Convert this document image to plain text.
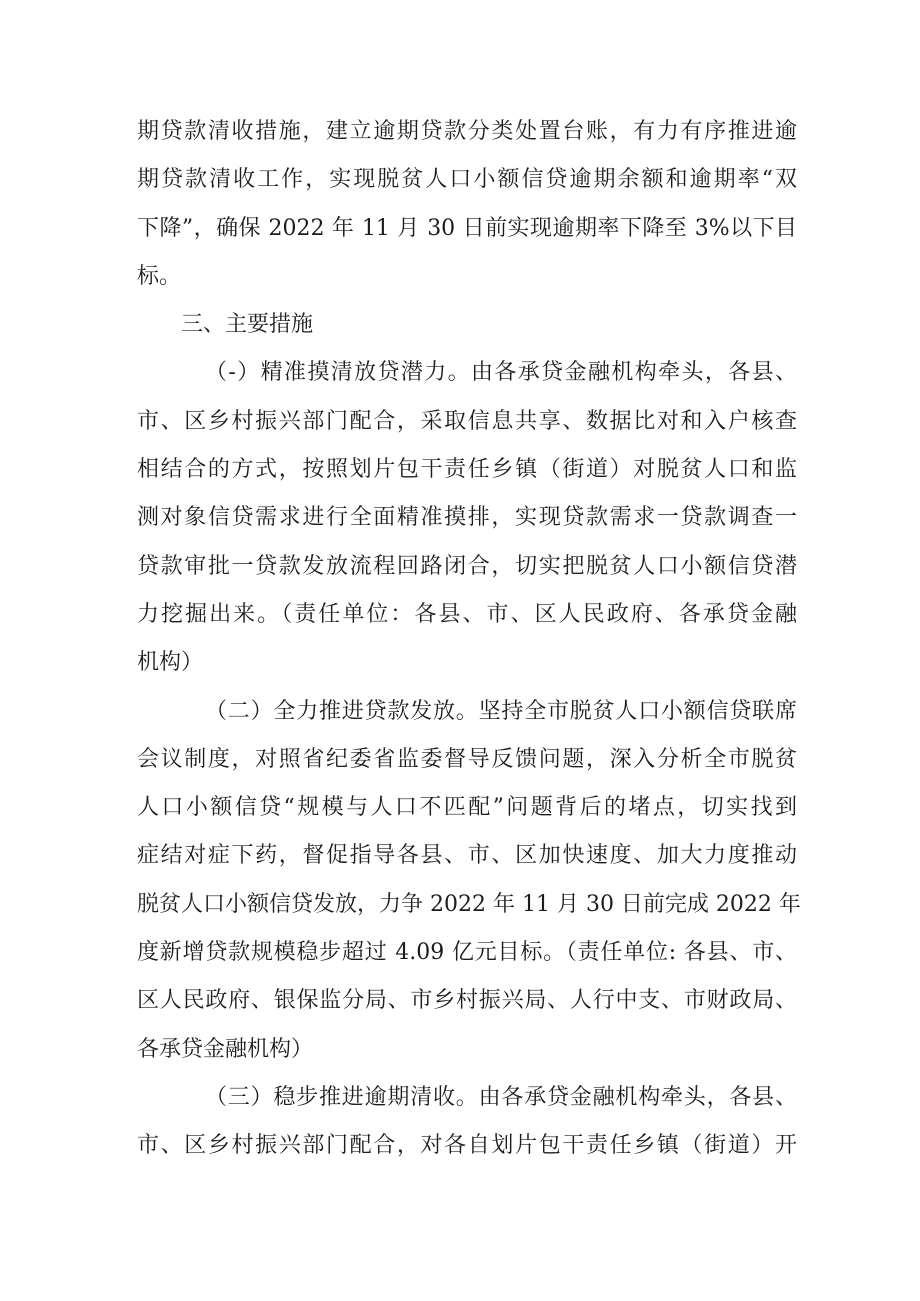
期贷款清收措施，建立逾期贷款分类处置台账，有力有序推进逾
期贷款清收工作，实现脱贫人口小额信贷逾期余额和逾期率“双
下降”，确保 2022 年 11 月 30 日前实现逾期率下降至 3%以下目
标。
三、主要措施
（-）精准摸清放贷潜力。由各承贷金融机构牵头，各县、
市、区乡村振兴部门配合，采取信息共享、数据比对和入户核查
相结合的方式，按照划片包干责任乡镇（街道）对脱贫人口和监
测对象信贷需求进行全面精准摸排，实现贷款需求一贷款调查一
贷款审批一贷款发放流程回路闭合，切实把脱贫人口小额信贷潜
力挖掘出来。（责任单位：各县、市、区人民政府、各承贷金融
机构）
（二）全力推进贷款发放。坚持全市脱贫人口小额信贷联席
会议制度，对照省纪委省监委督导反馈问题，深入分析全市脱贫
人口小额信贷“规模与人口不匹配”问题背后的堵点，切实找到
症结对症下药，督促指导各县、市、区加快速度、加大力度推动
脱贫人口小额信贷发放，力争 2022 年 11 月 30 日前完成 2022 年
度新增贷款规模稳步超过 4.09 亿元目标。（责任单位: 各县、市、
区人民政府、银保监分局、市乡村振兴局、人行中支、市财政局、
各承贷金融机构）
（三）稳步推进逾期清收。由各承贷金融机构牵头，各县、
市、区乡村振兴部门配合，对各自划片包干责任乡镇（街道）开
